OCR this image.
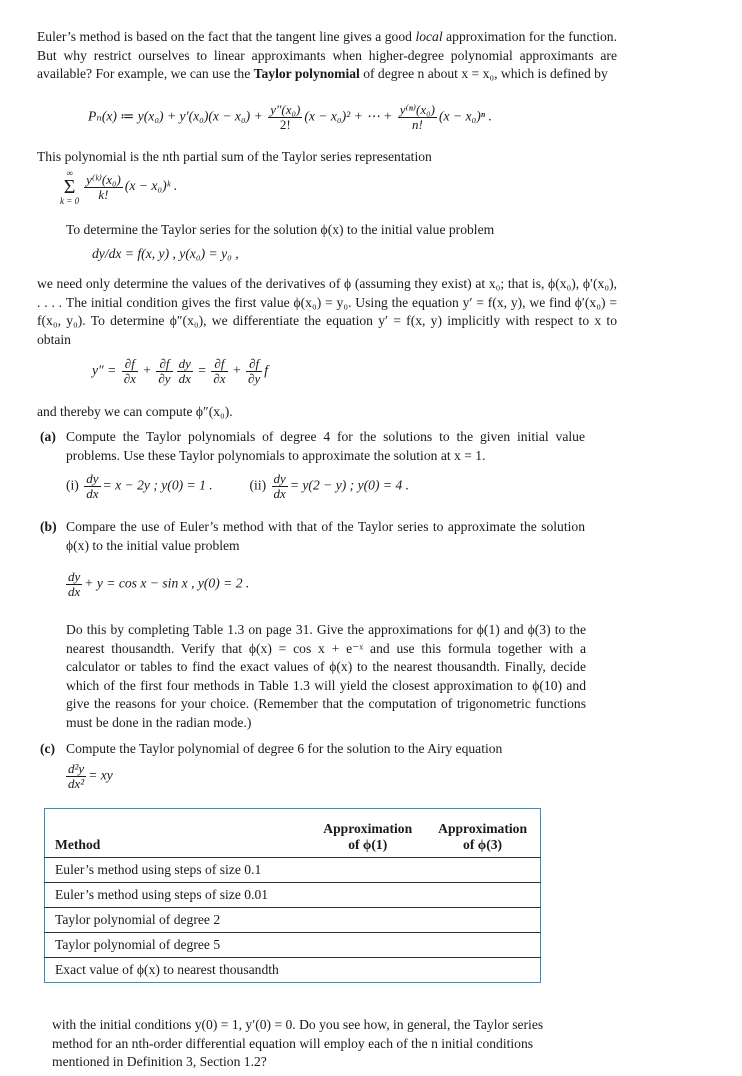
Euler’s method is based on the fact that the tangent line gives a good local approximation for the function. But why restrict ourselves to linear approximants when higher-degree polynomial approximants are available? For example, we can use the Taylor polynomial of degree n about x = x₀, which is defined by
Pₙ(x) ≔ $y(x_0) + y'(x_0)(x - x_0) + \frac{\text{y″(x₀)}}{2!} (x - x_0)^2$ + ⋯ + $\frac{\text{y⁽ⁿ⁾(x₀)}}{n!} (x - x_0)^n$ .
This polynomial is the nth partial sum of the Taylor series representation
∞
Σ
$k = 0 \frac{\text{y⁽ᵏ⁾(x₀)}}{k!} (x$ − x₀)ᵏ .
To determine the Taylor series for the solution ϕ(x) to the initial value problem
dy/dx = f(x, y) , y(x₀) = y₀ ,
we need only determine the values of the derivatives of ϕ (assuming they exist) at x₀; that is, ϕ(x₀), ϕ′(x₀), . . . . The initial condition gives the first value ϕ(x₀) = y₀. Using the equation y′ = f(x, y), we find ϕ′(x₀) = f(x₀, y₀). To determine ϕ″(x₀), we differentiate the equation y′ = f(x, y) implicitly with respect to x to obtain
$y'' = \frac{\partial f}{\partial x} + \frac{\partial f}{\partial y} \frac{dy}{dx} = \frac{\partial f}{\partial x} + \frac{\partial f}{\partial y}$ f
and thereby we can compute ϕ″(x₀).
(a) Compute the Taylor polynomials of degree 4 for the solutions to the given initial value problems. Use these Taylor polynomials to approximate the solution at x = 1.
$(i) \frac{dy}{dx} = x - 2y$ ; y(0) = 1 .	$(ii) \frac{dy}{dx} = y(2 - y)$ ; y(0) = 4 .
(b) Compare the use of Euler’s method with that of the Taylor series to approximate the solution ϕ(x) to the initial value problem
$\frac{dy}{dx} + y = \cos x - \sin x$ , y(0) = 2 .
Do this by completing Table 1.3 on page 31. Give the approximations for ϕ(1) and ϕ(3) to the nearest thousandth. Verify that ϕ(x) = cos x + e⁻ˣ and use this formula together with a calculator or tables to find the exact values of ϕ(x) to the nearest thousandth. Finally, decide which of the first four methods in Table 1.3 will yield the closest approximation to ϕ(10) and give the reasons for your choice. (Remember that the computation of trigonometric functions must be done in the radian mode.)
(c) Compute the Taylor polynomial of degree 6 for the solution to the Airy equation
$\frac{\text{d²y}}{\text{dx²}}$ = xy
Method	Approximation of ϕ(1)	Approximation of ϕ(3)
Euler’s method using steps of size 0.1		
Euler’s method using steps of size 0.01		
Taylor polynomial of degree 2		
Taylor polynomial of degree 5		
Exact value of ϕ(x) to nearest thousandth		
with the initial conditions y(0) = 1, y′(0) = 0. Do you see how, in general, the Taylor series method for an nth-order differential equation will employ each of the n initial conditions mentioned in Definition 3, Section 1.2?
